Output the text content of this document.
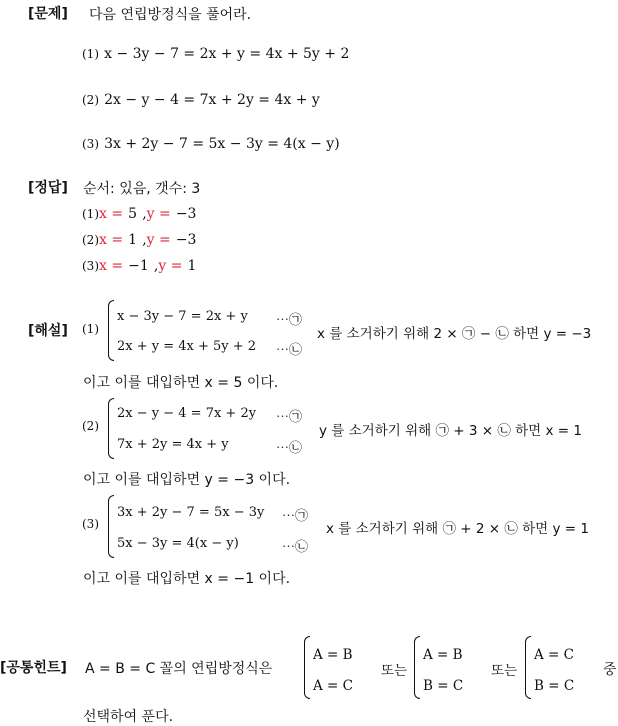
[문제] 다음 연립방정식을 풀어라.
(1) x − 3y − 7 = 2x + y = 4x + 5y + 2
(2) 2x − y − 4 = 7x + 2y = 4x + y
(3) 3x + 2y − 7 = 5x − 3y = 4(x − y)
[정답] 순서: 있음, 갯수: 3
(1)x = 5 ,y = −3
(2)x = 1 ,y = −3
(3)x = −1 ,y = 1
[해설] (1)
x − 3y − 7 = 2x + y
2x + y = 4x + 5y + 2
⋯㉠
⋯㉡
x 를 소거하기 위해 2 × ㉠ − ㉡ 하면 y = −3
이고 이를 대입하면 x = 5 이다.
(2)
2x − y − 4 = 7x + 2y
7x + 2y = 4x + y
⋯㉠
⋯㉡
y 를 소거하기 위해 ㉠ + 3 × ㉡ 하면 x = 1
이고 이를 대입하면 y = −3 이다.
(3)
3x + 2y − 7 = 5x − 3y
5x − 3y = 4(x − y)
⋯㉠
⋯㉡
x 를 소거하기 위해 ㉠ + 2 × ㉡ 하면 y = 1
이고 이를 대입하면 x = −1 이다.
[공통힌트] A = B = C 꼴의 연립방정식은
A = B
A = C
또는
A = B
B = C
또는
A = C
B = C
중
선택하여 푼다.
